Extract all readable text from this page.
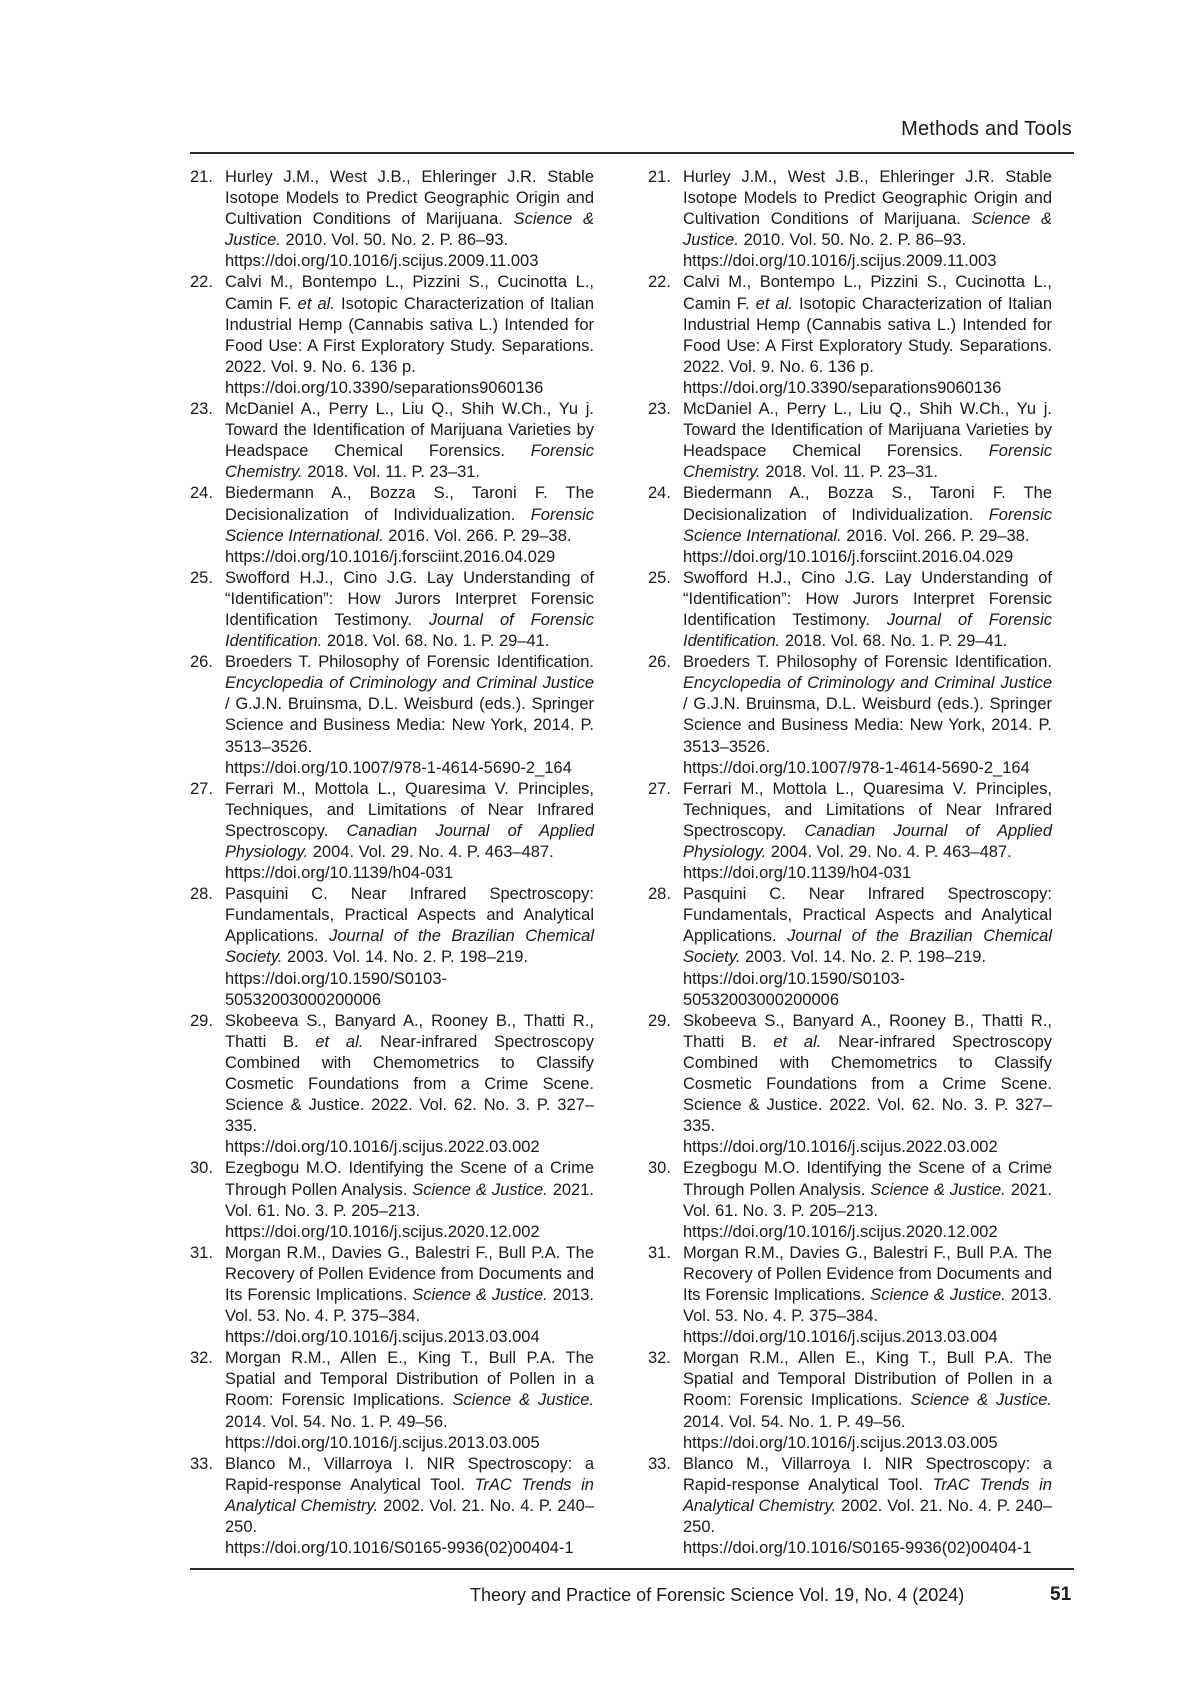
Methods and Tools
21. Hurley J.M., West J.B., Ehleringer J.R. Stable Isotope Models to Predict Geographic Origin and Cultivation Conditions of Marijuana. Science & Justice. 2010. Vol. 50. No. 2. P. 86–93.
https://doi.org/10.1016/j.scijus.2009.11.003
22. Calvi M., Bontempo L., Pizzini S., Cucinotta L., Camin F. et al. Isotopic Characterization of Italian Industrial Hemp (Cannabis sativa L.) Intended for Food Use: A First Exploratory Study. Separations. 2022. Vol. 9. No. 6. 136 p.
https://doi.org/10.3390/separations9060136
23. McDaniel A., Perry L., Liu Q., Shih W.Ch., Yu j. Toward the Identification of Marijuana Varieties by Headspace Chemical Forensics. Forensic Chemistry. 2018. Vol. 11. P. 23–31.
24. Biedermann A., Bozza S., Taroni F. The Decisionalization of Individualization. Forensic Science International. 2016. Vol. 266. P. 29–38.
https://doi.org/10.1016/j.forsciint.2016.04.029
25. Swofford H.J., Cino J.G. Lay Understanding of “Identification”: How Jurors Interpret Forensic Identification Testimony. Journal of Forensic Identification. 2018. Vol. 68. No. 1. P. 29–41.
26. Broeders T. Philosophy of Forensic Identification. Encyclopedia of Criminology and Criminal Justice / G.J.N. Bruinsma, D.L. Weisburd (eds.). Springer Science and Business Media: New York, 2014. P. 3513–3526.
https://doi.org/10.1007/978-1-4614-5690-2_164
27. Ferrari M., Mottola L., Quaresima V. Principles, Techniques, and Limitations of Near Infrared Spectroscopy. Canadian Journal of Applied Physiology. 2004. Vol. 29. No. 4. P. 463–487.
https://doi.org/10.1139/h04-031
28. Pasquini C. Near Infrared Spectroscopy: Fundamentals, Practical Aspects and Analytical Applications. Journal of the Brazilian Chemical Society. 2003. Vol. 14. No. 2. P. 198–219.
https://doi.org/10.1590/S0103-50532003000200006
29. Skobeeva S., Banyard A., Rooney B., Thatti R., Thatti B. et al. Near-infrared Spectroscopy Combined with Chemometrics to Classify Cosmetic Foundations from a Crime Scene. Science & Justice. 2022. Vol. 62. No. 3. P. 327–335.
https://doi.org/10.1016/j.scijus.2022.03.002
30. Ezegbogu M.O. Identifying the Scene of a Crime Through Pollen Analysis. Science & Justice. 2021. Vol. 61. No. 3. P. 205–213.
https://doi.org/10.1016/j.scijus.2020.12.002
31. Morgan R.M., Davies G., Balestri F., Bull P.A. The Recovery of Pollen Evidence from Documents and Its Forensic Implications. Science & Justice. 2013. Vol. 53. No. 4. P. 375–384.
https://doi.org/10.1016/j.scijus.2013.03.004
32. Morgan R.M., Allen E., King T., Bull P.A. The Spatial and Temporal Distribution of Pollen in a Room: Forensic Implications. Science & Justice. 2014. Vol. 54. No. 1. P. 49–56.
https://doi.org/10.1016/j.scijus.2013.03.005
33. Blanco M., Villarroya I. NIR Spectroscopy: a Rapid-response Analytical Tool. TrAC Trends in Analytical Chemistry. 2002. Vol. 21. No. 4. P. 240–250.
https://doi.org/10.1016/S0165-9936(02)00404-1
21. Hurley J.M., West J.B., Ehleringer J.R. Stable Isotope Models to Predict Geographic Origin and Cultivation Conditions of Marijuana. Science & Justice. 2010. Vol. 50. No. 2. P. 86–93.
https://doi.org/10.1016/j.scijus.2009.11.003
22. Calvi M., Bontempo L., Pizzini S., Cucinotta L., Camin F. et al. Isotopic Characterization of Italian Industrial Hemp (Cannabis sativa L.) Intended for Food Use: A First Exploratory Study. Separations. 2022. Vol. 9. No. 6. 136 p.
https://doi.org/10.3390/separations9060136
23. McDaniel A., Perry L., Liu Q., Shih W.Ch., Yu j. Toward the Identification of Marijuana Varieties by Headspace Chemical Forensics. Forensic Chemistry. 2018. Vol. 11. P. 23–31.
24. Biedermann A., Bozza S., Taroni F. The Decisionalization of Individualization. Forensic Science International. 2016. Vol. 266. P. 29–38.
https://doi.org/10.1016/j.forsciint.2016.04.029
25. Swofford H.J., Cino J.G. Lay Understanding of “Identification”: How Jurors Interpret Forensic Identification Testimony. Journal of Forensic Identification. 2018. Vol. 68. No. 1. P. 29–41.
26. Broeders T. Philosophy of Forensic Identification. Encyclopedia of Criminology and Criminal Justice / G.J.N. Bruinsma, D.L. Weisburd (eds.). Springer Science and Business Media: New York, 2014. P. 3513–3526.
https://doi.org/10.1007/978-1-4614-5690-2_164
27. Ferrari M., Mottola L., Quaresima V. Principles, Techniques, and Limitations of Near Infrared Spectroscopy. Canadian Journal of Applied Physiology. 2004. Vol. 29. No. 4. P. 463–487.
https://doi.org/10.1139/h04-031
28. Pasquini C. Near Infrared Spectroscopy: Fundamentals, Practical Aspects and Analytical Applications. Journal of the Brazilian Chemical Society. 2003. Vol. 14. No. 2. P. 198–219.
https://doi.org/10.1590/S0103-50532003000200006
29. Skobeeva S., Banyard A., Rooney B., Thatti R., Thatti B. et al. Near-infrared Spectroscopy Combined with Chemometrics to Classify Cosmetic Foundations from a Crime Scene. Science & Justice. 2022. Vol. 62. No. 3. P. 327–335.
https://doi.org/10.1016/j.scijus.2022.03.002
30. Ezegbogu M.O. Identifying the Scene of a Crime Through Pollen Analysis. Science & Justice. 2021. Vol. 61. No. 3. P. 205–213.
https://doi.org/10.1016/j.scijus.2020.12.002
31. Morgan R.M., Davies G., Balestri F., Bull P.A. The Recovery of Pollen Evidence from Documents and Its Forensic Implications. Science & Justice. 2013. Vol. 53. No. 4. P. 375–384.
https://doi.org/10.1016/j.scijus.2013.03.004
32. Morgan R.M., Allen E., King T., Bull P.A. The Spatial and Temporal Distribution of Pollen in a Room: Forensic Implications. Science & Justice. 2014. Vol. 54. No. 1. P. 49–56.
https://doi.org/10.1016/j.scijus.2013.03.005
33. Blanco M., Villarroya I. NIR Spectroscopy: a Rapid-response Analytical Tool. TrAC Trends in Analytical Chemistry. 2002. Vol. 21. No. 4. P. 240–250.
https://doi.org/10.1016/S0165-9936(02)00404-1
Theory and Practice of Forensic Science Vol. 19, No. 4 (2024)	51
